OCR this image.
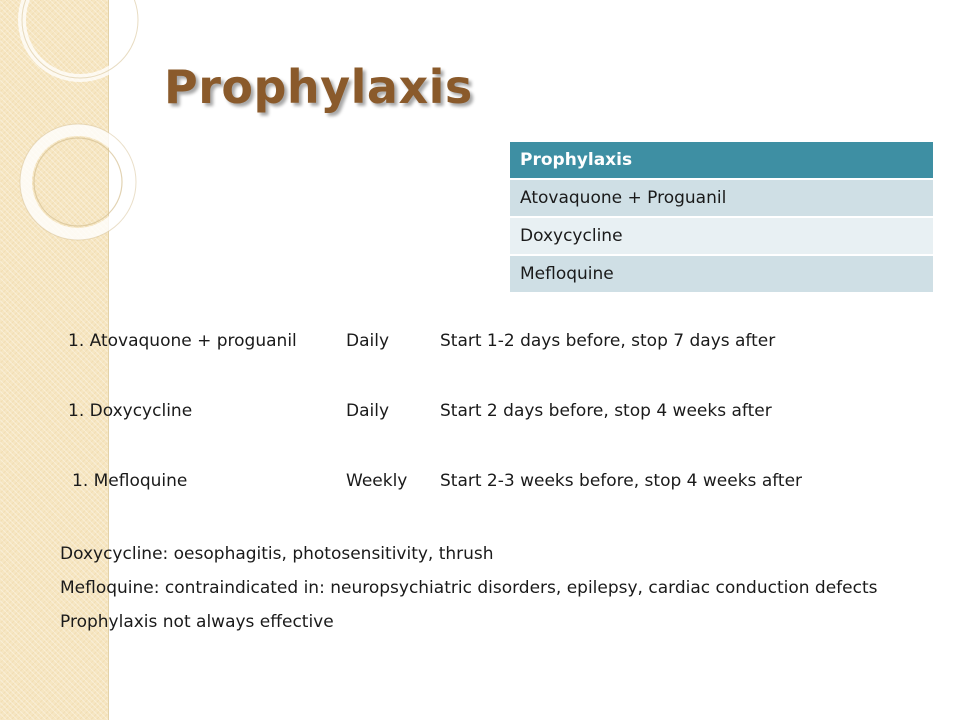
Prophylaxis
Prophylaxis
Atovaquone + Proguanil
Doxycycline
Mefloquine
1. Atovaquone + proguanil	Daily	Start 1-2 days before, stop 7 days after
1. Doxycycline	Daily	Start 2 days before, stop 4 weeks after
1. Mefloquine	Weekly Start 2-3 weeks before, stop 4 weeks after

Doxycycline: oesophagitis, photosensitivity, thrush

Mefloquine: contraindicated in: neuropsychiatric disorders, epilepsy, cardiac conduction defects

Prophylaxis not always effective
